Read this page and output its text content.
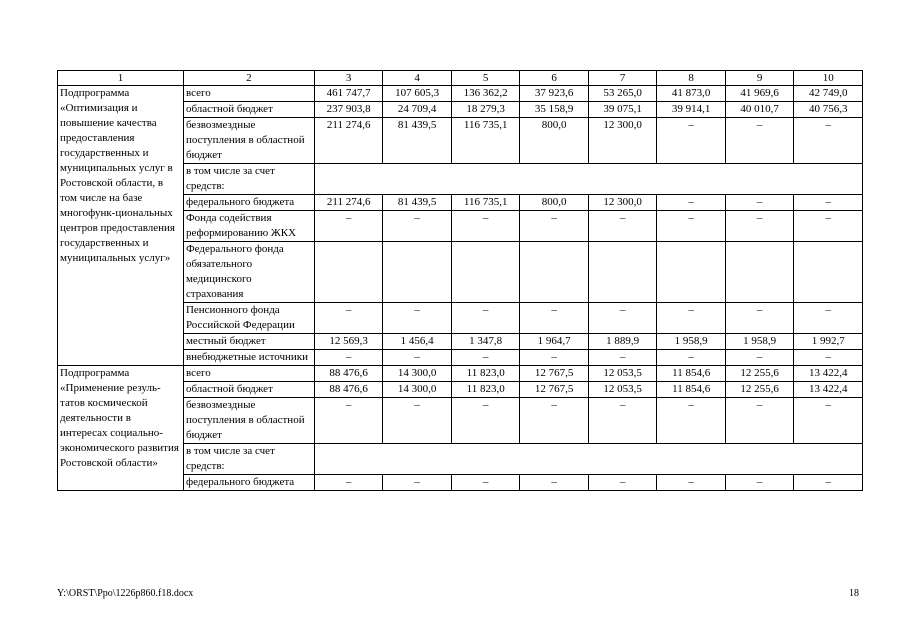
1	2	3	4	5	6	7	8	9	10
Подпрограмма «Оптимизация и повышение качества предоставления государственных и муниципальных услуг в Ростовской области, в том числе на базе многофунк-циональных центров предоставления государственных и муниципальных услуг»	всего	461 747,7	107 605,3	136 362,2	37 923,6	53 265,0	41 873,0	41 969,6	42 749,0
	областной бюджет	237 903,8	24 709,4	18 279,3	35 158,9	39 075,1	39 914,1	40 010,7	40 756,3
	безвозмездные поступления в областной бюджет	211 274,6	81 439,5	116 735,1	800,0	12 300,0	–	–	–
	в том числе за счет средств:								
	федерального бюджета	211 274,6	81 439,5	116 735,1	800,0	12 300,0	–	–	–
	Фонда содействия реформированию ЖКХ	–	–	–	–	–	–	–	–
	Федерального фонда обязательного медицинского страхования								
	Пенсионного фонда Российской Федерации	–	–	–	–	–	–	–	–
	местный бюджет	12 569,3	1 456,4	1 347,8	1 964,7	1 889,9	1 958,9	1 958,9	1 992,7
	внебюджетные источники	–	–	–	–	–	–	–	–
Подпрограмма «Применение резуль-татов космической деятельности в интересах социально-экономического развития Ростовской области»	всего	88 476,6	14 300,0	11 823,0	12 767,5	12 053,5	11 854,6	12 255,6	13 422,4
	областной бюджет	88 476,6	14 300,0	11 823,0	12 767,5	12 053,5	11 854,6	12 255,6	13 422,4
	безвозмездные поступления в областной бюджет	–	–	–	–	–	–	–	–
	в том числе за счет средств:								
	федерального бюджета	–	–	–	–	–	–	–	–
Y:\ORST\Ppo\1226p860.f18.docx	18
